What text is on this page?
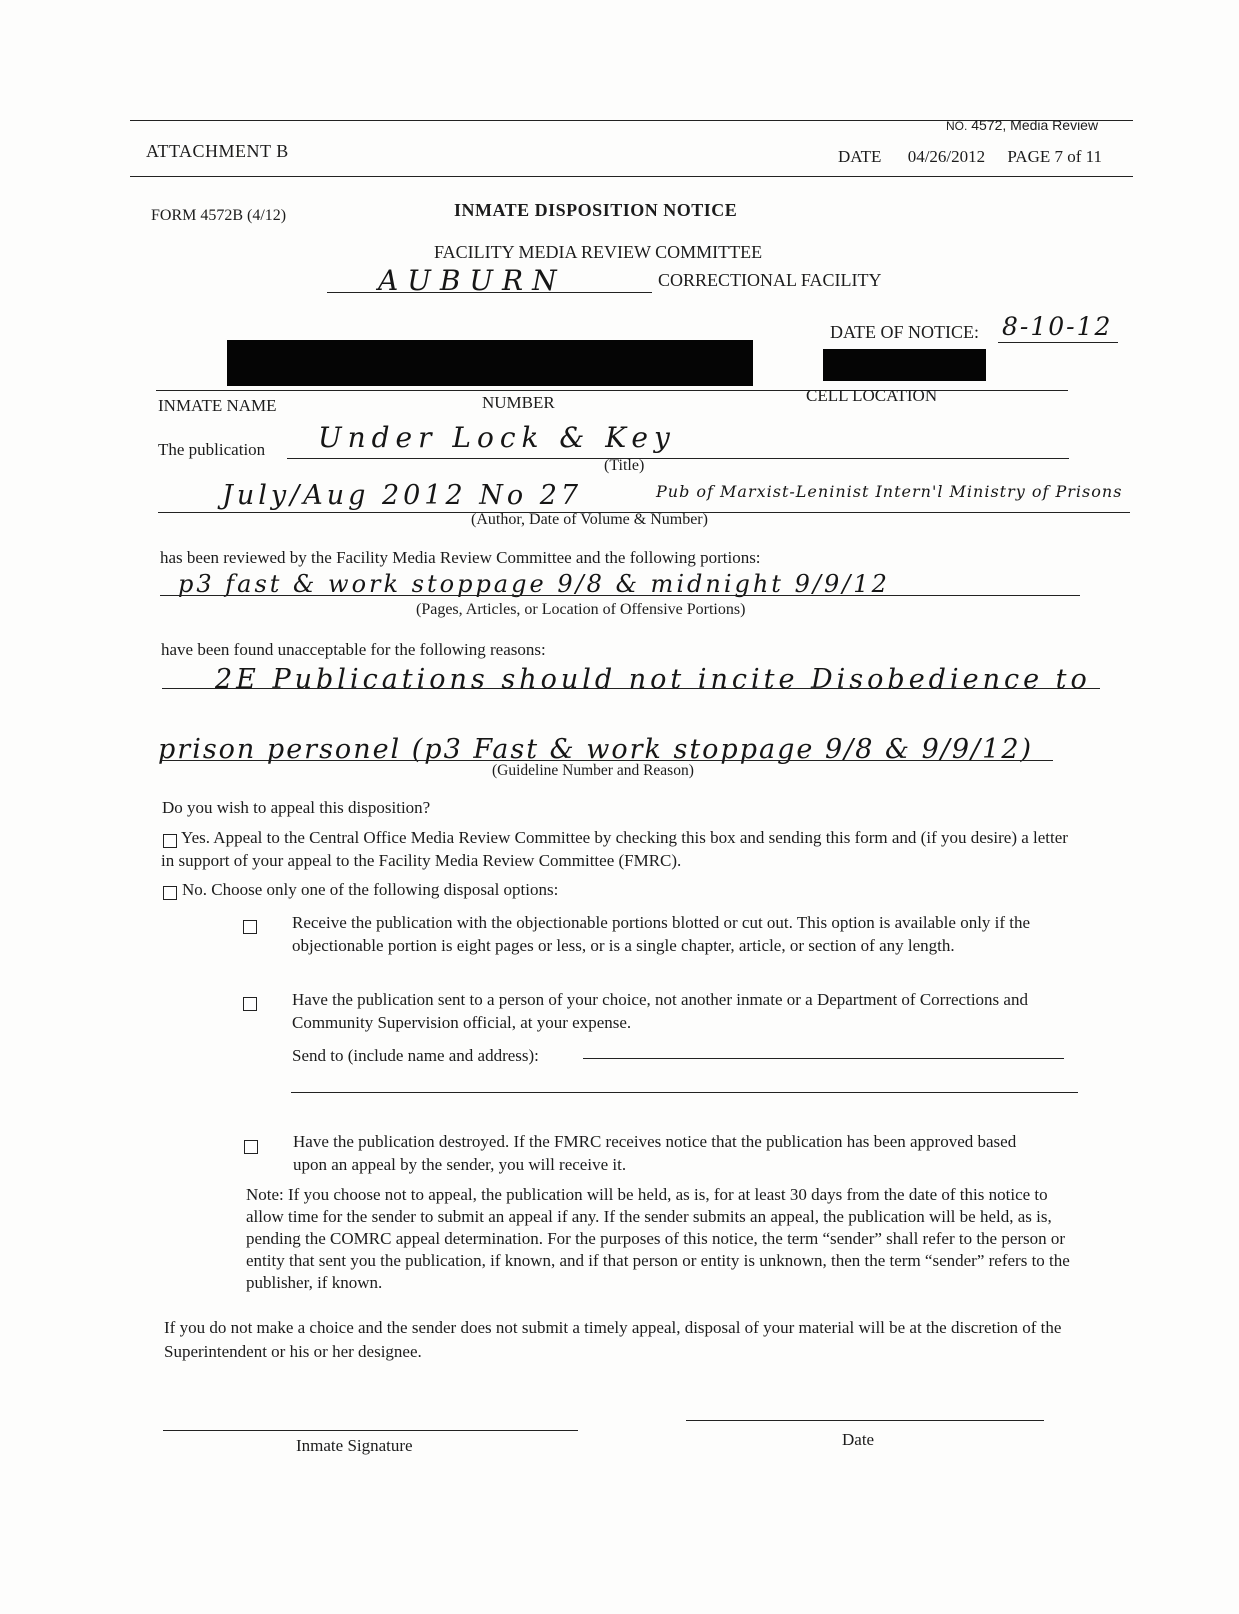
ATTACHMENT B
NO. 4572, Media Review
DATE 04/26/2012 PAGE 7 of 11
FORM 4572B (4/12)	INMATE DISPOSITION NOTICE
FACILITY MEDIA REVIEW COMMITTEE
AUBURN	CORRECTIONAL FACILITY
DATE OF NOTICE: 8-10-12
INMATE NAME	NUMBER	CELL LOCATION
The publication Under Lock & Key
(Title)
July/Aug 2012 No 27	Pub of Marxist-Leninist Intern'l Ministry of Prisons
(Author, Date of Volume & Number)
has been reviewed by the Facility Media Review Committee and the following portions:
p3 fast & work stoppage 9/8 & midnight 9/9/12
(Pages, Articles, or Location of Offensive Portions)
have been found unacceptable for the following reasons:
2E Publications should not incite Disobedience to
prison personel (p3 Fast & work stoppage 9/8 & 9/9/12)
(Guideline Number and Reason)
Do you wish to appeal this disposition?
Yes. Appeal to the Central Office Media Review Committee by checking this box and sending this form and (if you desire) a letter in support of your appeal to the Facility Media Review Committee (FMRC).
No. Choose only one of the following disposal options:
Receive the publication with the objectionable portions blotted or cut out. This option is available only if the objectionable portion is eight pages or less, or is a single chapter, article, or section of any length.
Have the publication sent to a person of your choice, not another inmate or a Department of Corrections and Community Supervision official, at your expense.
Send to (include name and address):
Have the publication destroyed. If the FMRC receives notice that the publication has been approved based upon an appeal by the sender, you will receive it.
Note: If you choose not to appeal, the publication will be held, as is, for at least 30 days from the date of this notice to allow time for the sender to submit an appeal if any. If the sender submits an appeal, the publication will be held, as is, pending the COMRC appeal determination. For the purposes of this notice, the term “sender” shall refer to the person or entity that sent you the publication, if known, and if that person or entity is unknown, then the term “sender” refers to the publisher, if known.
If you do not make a choice and the sender does not submit a timely appeal, disposal of your material will be at the discretion of the Superintendent or his or her designee.
Inmate Signature	Date
